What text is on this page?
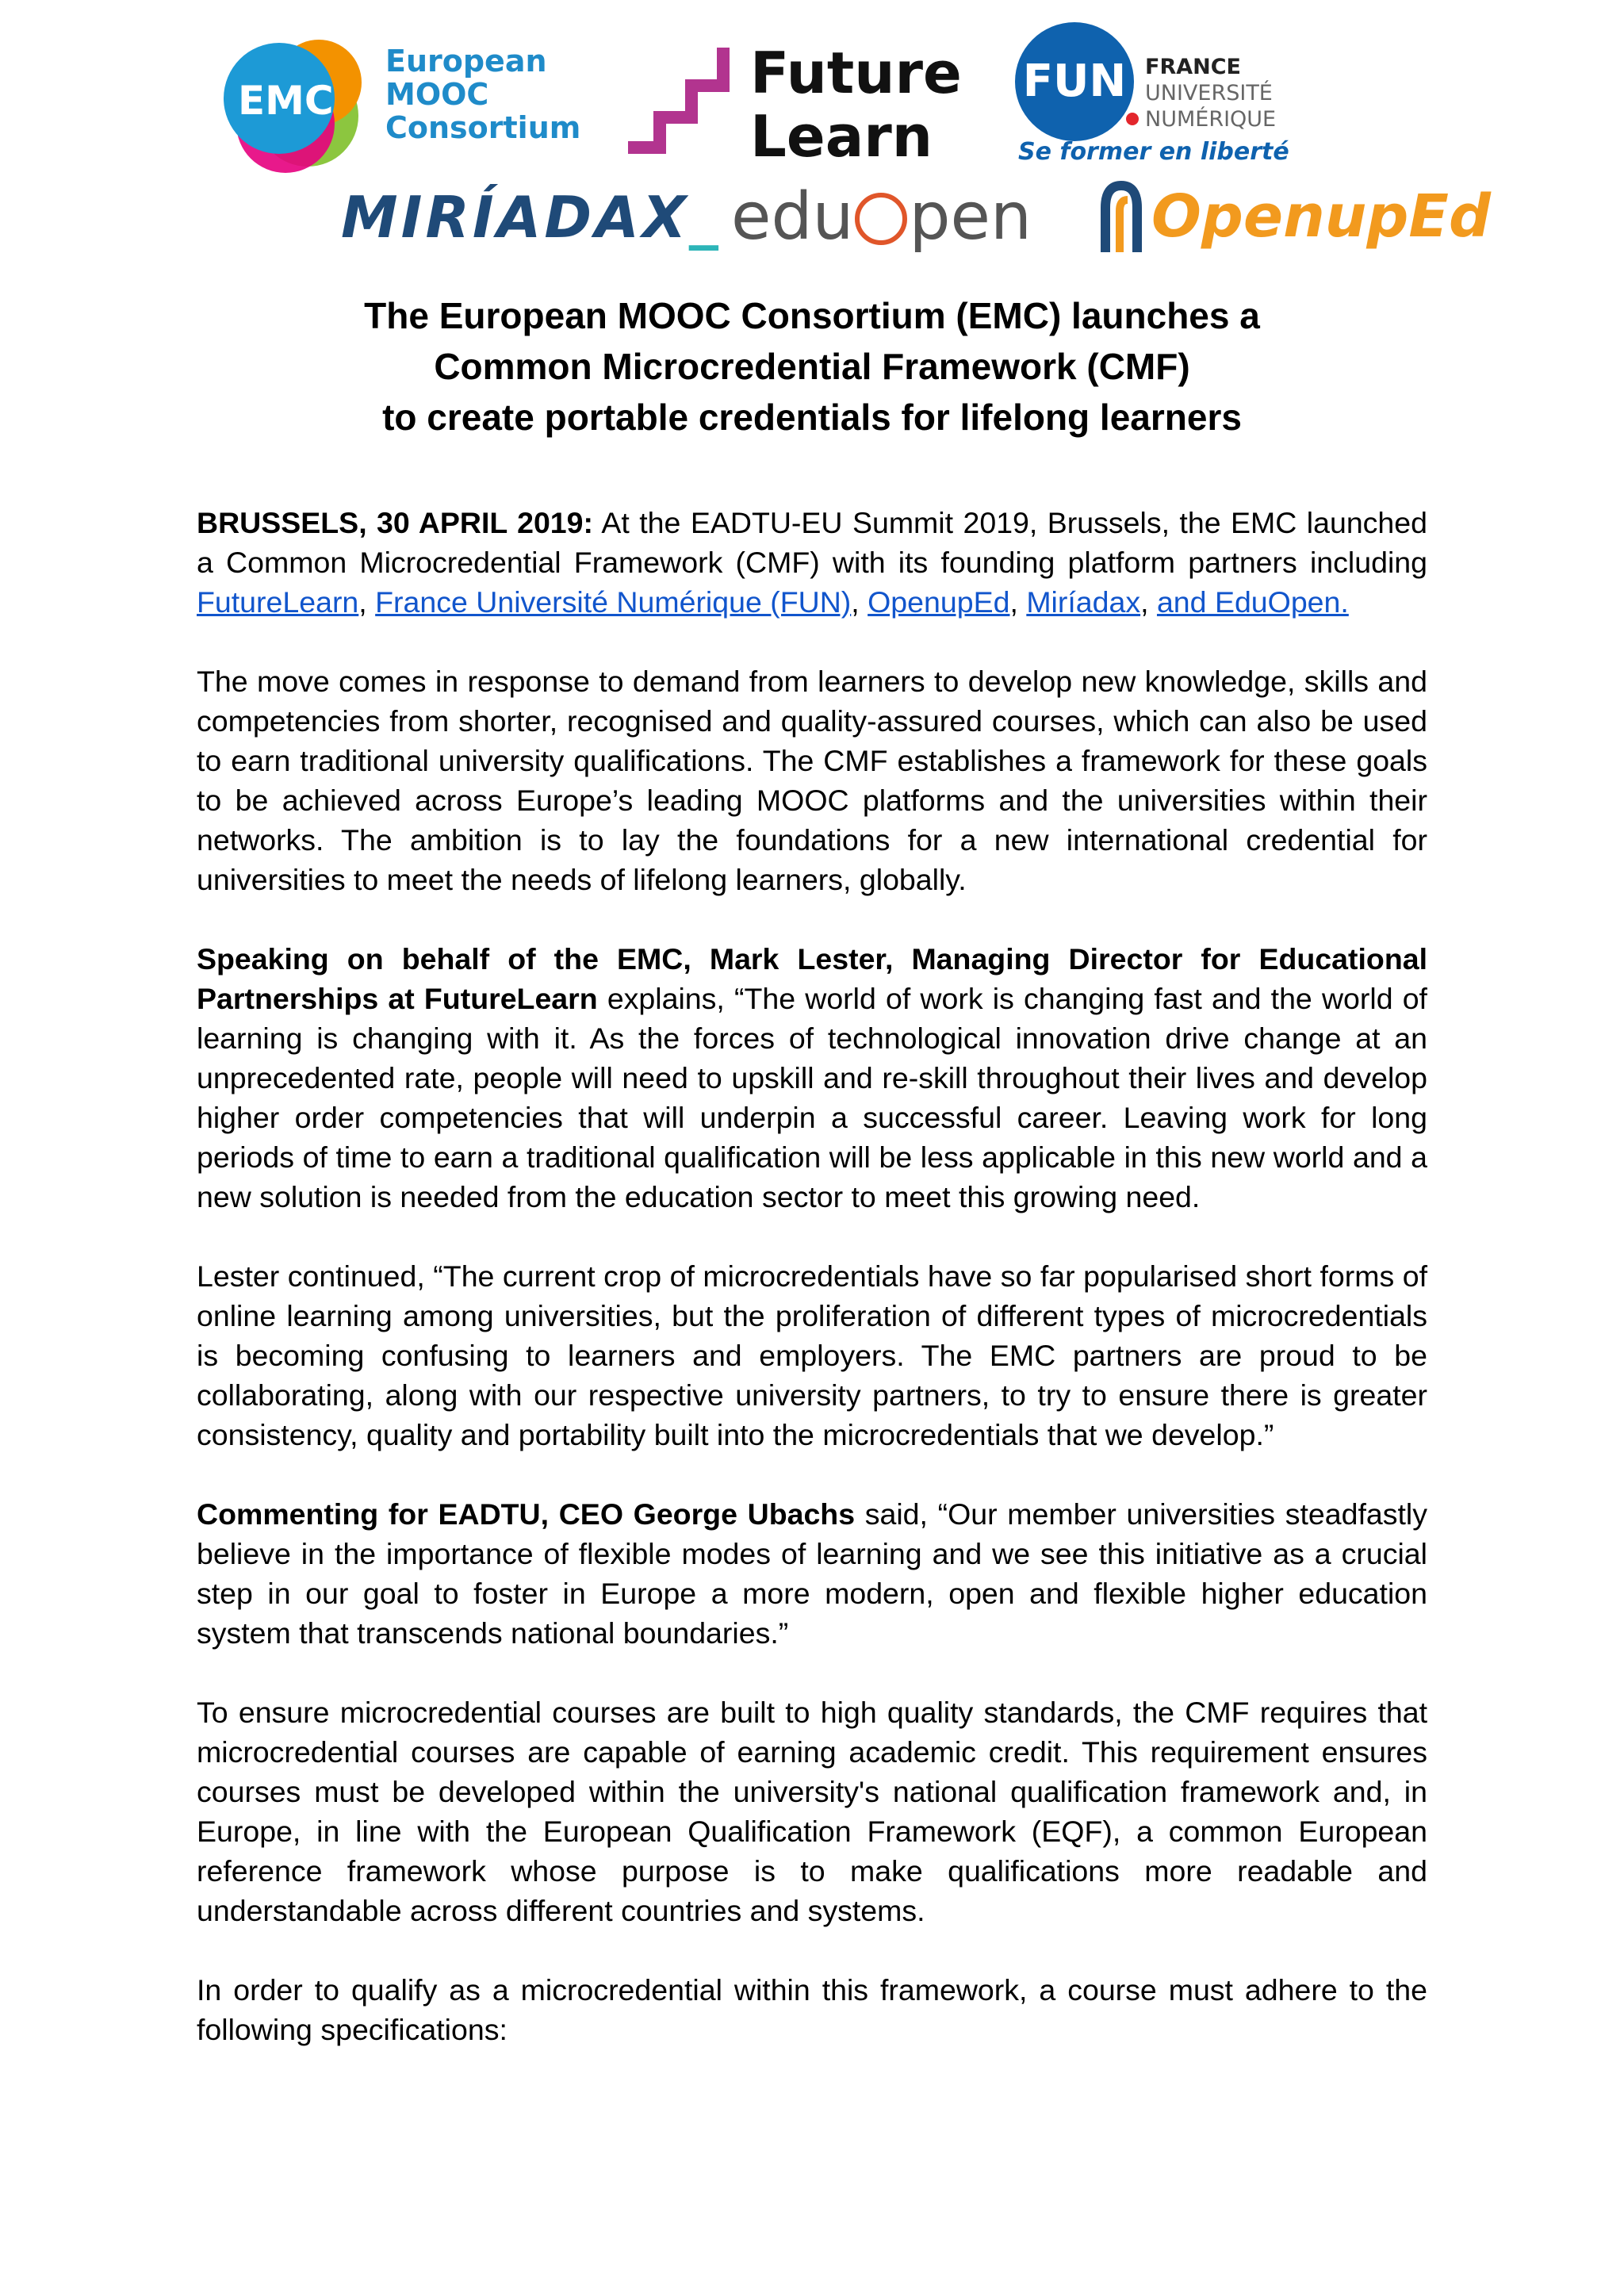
EMC
European
MOOC
Consortium
Future
Learn
FUN FRANCE
UNIVERSITÉ
NUMÉRIQUE
Se former en liberté
MIRÍADAX_ edu pen OpenupEd
The European MOOC Consortium (EMC) launches a
Common Microcredential Framework (CMF)
to create portable credentials for lifelong learners

BRUSSELS, 30 APRIL 2019: At the EADTU-EU Summit 2019, Brussels, the EMC launched a Common Microcredential Framework (CMF) with its founding platform partners including FutureLearn, France Université Numérique (FUN), OpenupEd, Miríadax, and EduOpen.

The move comes in response to demand from learners to develop new knowledge, skills and competencies from shorter, recognised and quality-assured courses, which can also be used to earn traditional university qualifications. The CMF establishes a framework for these goals to be achieved across Europe’s leading MOOC platforms and the universities within their networks. The ambition is to lay the foundations for a new international credential for universities to meet the needs of lifelong learners, globally.

Speaking on behalf of the EMC, Mark Lester, Managing Director for Educational Partnerships at FutureLearn explains, “The world of work is changing fast and the world of learning is changing with it. As the forces of technological innovation drive change at an unprecedented rate, people will need to upskill and re-skill throughout their lives and develop higher order competencies that will underpin a successful career. Leaving work for long periods of time to earn a traditional qualification will be less applicable in this new world and a new solution is needed from the education sector to meet this growing need.

Lester continued, “The current crop of microcredentials have so far popularised short forms of online learning among universities, but the proliferation of different types of microcredentials is becoming confusing to learners and employers. The EMC partners are proud to be collaborating, along with our respective university partners, to try to ensure there is greater consistency, quality and portability built into the microcredentials that we develop.”

Commenting for EADTU, CEO George Ubachs said, “Our member universities steadfastly believe in the importance of flexible modes of learning and we see this initiative as a crucial step in our goal to foster in Europe a more modern, open and flexible higher education system that transcends national boundaries.”

To ensure microcredential courses are built to high quality standards, the CMF requires that microcredential courses are capable of earning academic credit. This requirement ensures courses must be developed within the university's national qualification framework and, in Europe, in line with the European Qualification Framework (EQF), a common European reference framework whose purpose is to make qualifications more readable and understandable across different countries and systems.

In order to qualify as a microcredential within this framework, a course must adhere to the following specifications:
